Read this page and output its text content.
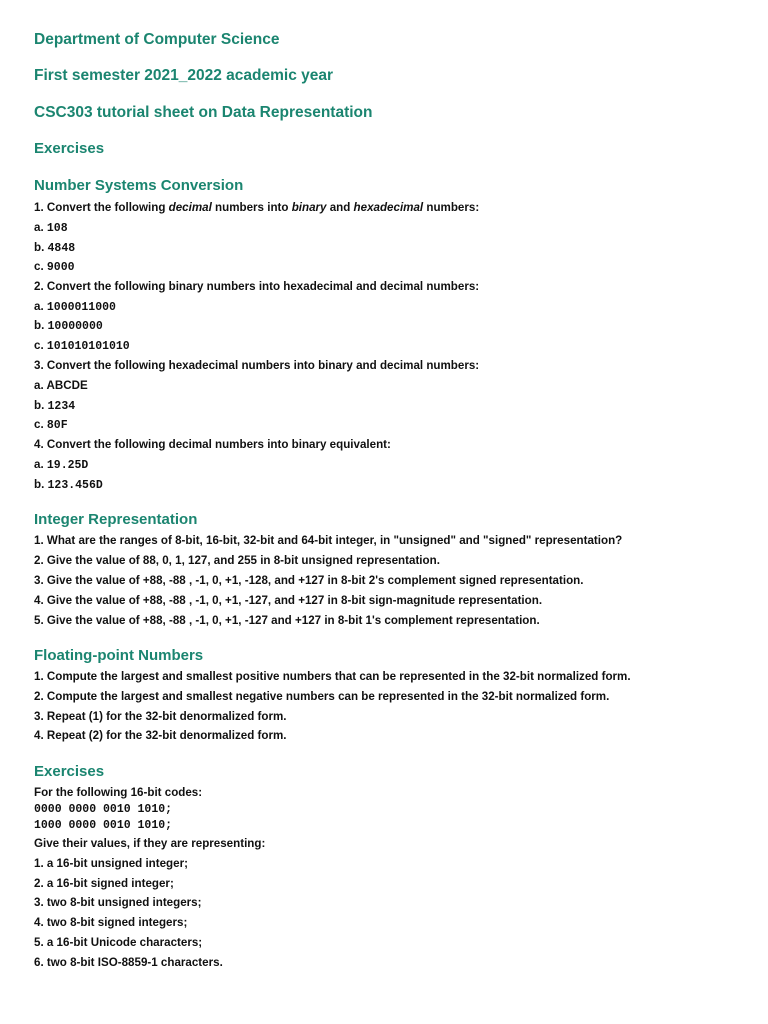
Department of Computer Science
First semester 2021_2022 academic year
CSC303 tutorial sheet on Data Representation
Exercises
Number Systems Conversion
1. Convert the following decimal numbers into binary and hexadecimal numbers:
a. 108
b. 4848
c. 9000
2. Convert the following binary numbers into hexadecimal and decimal numbers:
a. 1000011000
b. 10000000
c. 101010101010
3. Convert the following hexadecimal numbers into binary and decimal numbers:
a. ABCDE
b. 1234
c. 80F
4. Convert the following decimal numbers into binary equivalent:
a. 19.25D
b. 123.456D
Integer Representation
1. What are the ranges of 8-bit, 16-bit, 32-bit and 64-bit integer, in "unsigned" and "signed" representation?
2. Give the value of 88, 0, 1, 127, and 255 in 8-bit unsigned representation.
3. Give the value of +88, -88 , -1, 0, +1, -128, and +127 in 8-bit 2's complement signed representation.
4. Give the value of +88, -88 , -1, 0, +1, -127, and +127 in 8-bit sign-magnitude representation.
5. Give the value of +88, -88 , -1, 0, +1, -127 and +127 in 8-bit 1's complement representation.
Floating-point Numbers
1. Compute the largest and smallest positive numbers that can be represented in the 32-bit normalized form.
2. Compute the largest and smallest negative numbers can be represented in the 32-bit normalized form.
3. Repeat (1) for the 32-bit denormalized form.
4. Repeat (2) for the 32-bit denormalized form.
Exercises
For the following 16-bit codes:
0000 0000 0010 1010;
1000 0000 0010 1010;
Give their values, if they are representing:
1. a 16-bit unsigned integer;
2. a 16-bit signed integer;
3. two 8-bit unsigned integers;
4. two 8-bit signed integers;
5. a 16-bit Unicode characters;
6. two 8-bit ISO-8859-1 characters.
